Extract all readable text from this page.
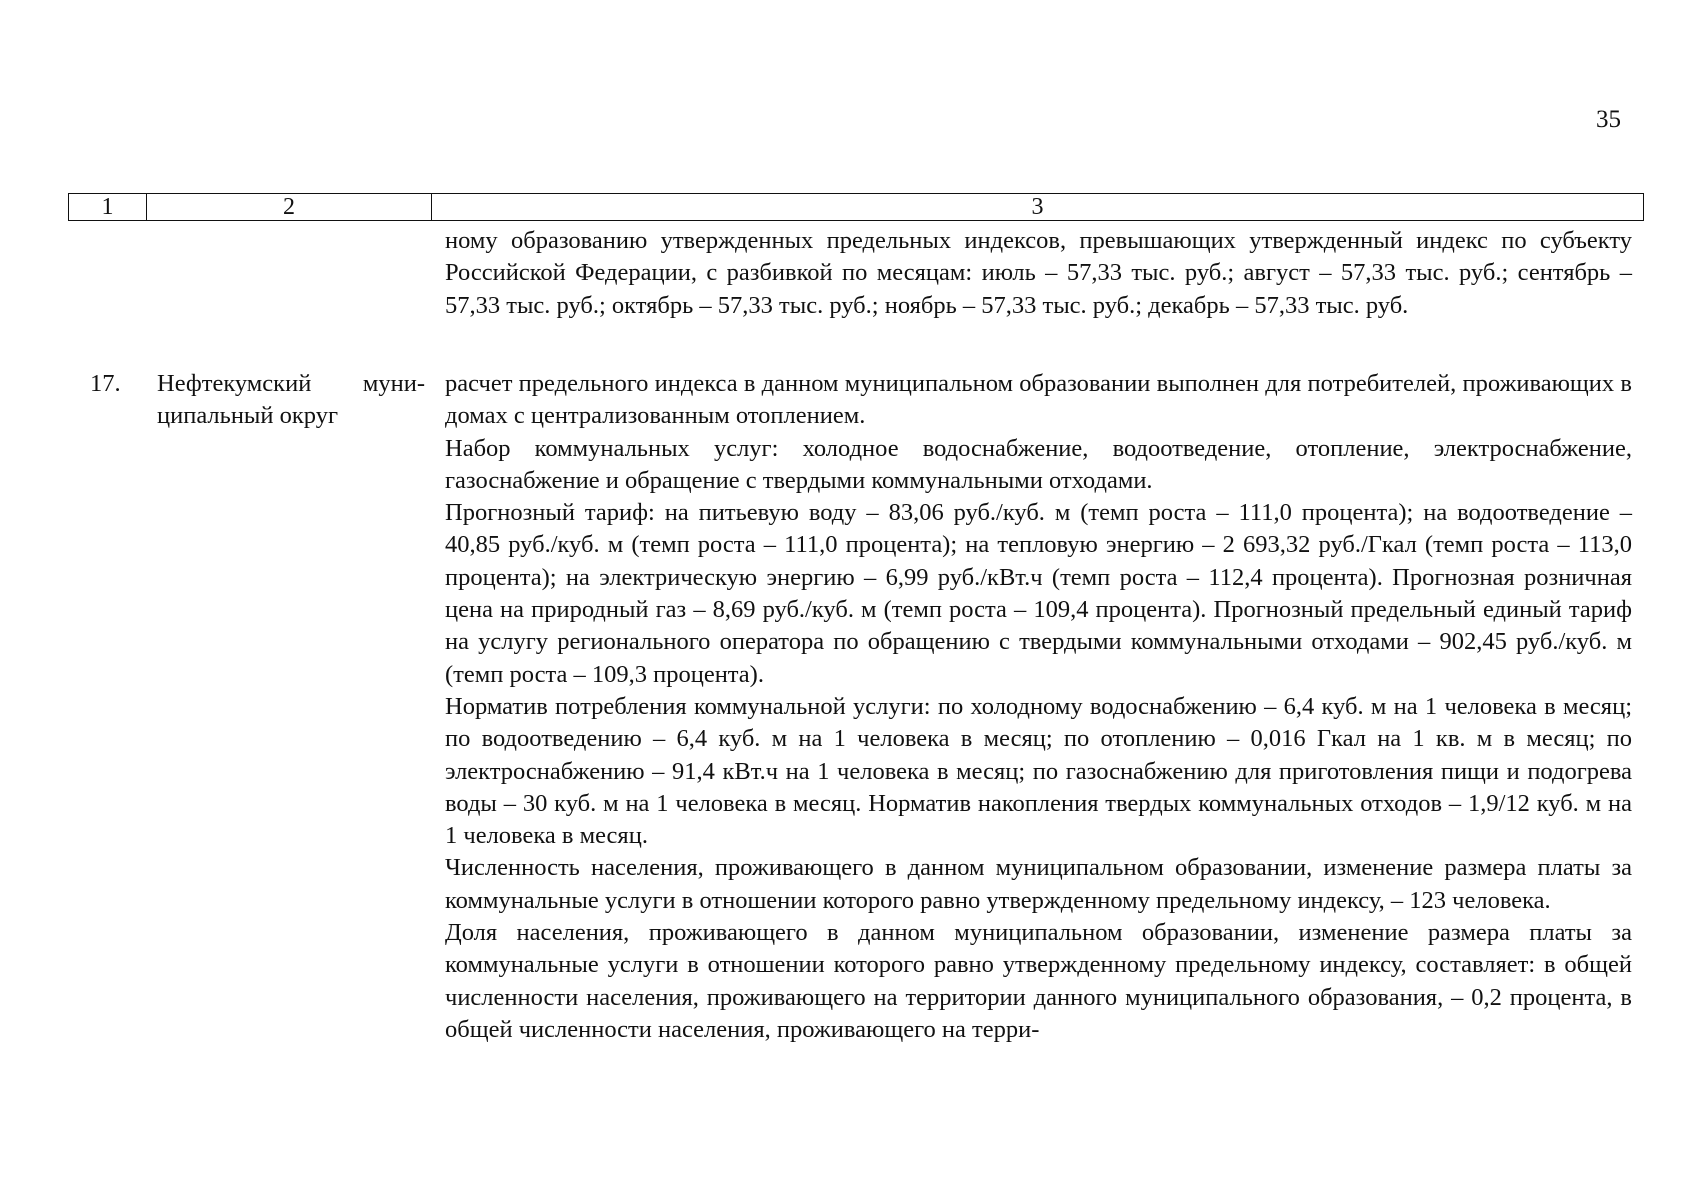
35
1	2	3

ному образованию утвержденных предельных индексов, превышающих утвержденный индекс по субъекту Российской Федерации, с разбивкой по месяцам: июль – 57,33 тыс. руб.; август – 57,33 тыс. руб.; сентябрь – 57,33 тыс. руб.; октябрь – 57,33 тыс. руб.; ноябрь – 57,33 тыс. руб.; декабрь – 57,33 тыс. руб.

17. Нефтекумский муни-
ципальный округ

расчет предельного индекса в данном муниципальном образовании выполнен для потребителей, проживающих в домах с централизованным отоплением.

Набор коммунальных услуг: холодное водоснабжение, водоотведение, отопление, электроснабжение, газоснабжение и обращение с твердыми коммунальными отходами.

Прогнозный тариф: на питьевую воду – 83,06 руб./куб. м (темп роста – 111,0 процента); на водоотведение – 40,85 руб./куб. м (темп роста – 111,0 процента); на тепловую энергию – 2 693,32 руб./Гкал (темп роста – 113,0 процента); на электрическую энергию – 6,99 руб./кВт.ч (темп роста – 112,4 процента). Прогнозная розничная цена на природный газ – 8,69 руб./куб. м (темп роста – 109,4 процента). Прогнозный предельный единый тариф на услугу регионального оператора по обращению с твердыми коммунальными отходами – 902,45 руб./куб. м (темп роста – 109,3 процента).

Норматив потребления коммунальной услуги: по холодному водоснабжению – 6,4 куб. м на 1 человека в месяц; по водоотведению – 6,4 куб. м на 1 человека в месяц; по отоплению – 0,016 Гкал на 1 кв. м в месяц; по электроснабжению – 91,4 кВт.ч на 1 человека в месяц; по газоснабжению для приготовления пищи и подогрева воды – 30 куб. м на 1 человека в месяц. Норматив накопления твердых коммунальных отходов – 1,9/12 куб. м на 1 человека в месяц.

Численность населения, проживающего в данном муниципальном образовании, изменение размера платы за коммунальные услуги в отношении которого равно утвержденному предельному индексу, – 123 человека.

Доля населения, проживающего в данном муниципальном образовании, изменение размера платы за коммунальные услуги в отношении которого равно утвержденному предельному индексу, составляет: в общей численности населения, проживающего на территории данного муниципального образования, – 0,2 процента, в общей численности населения, проживающего на терри-
